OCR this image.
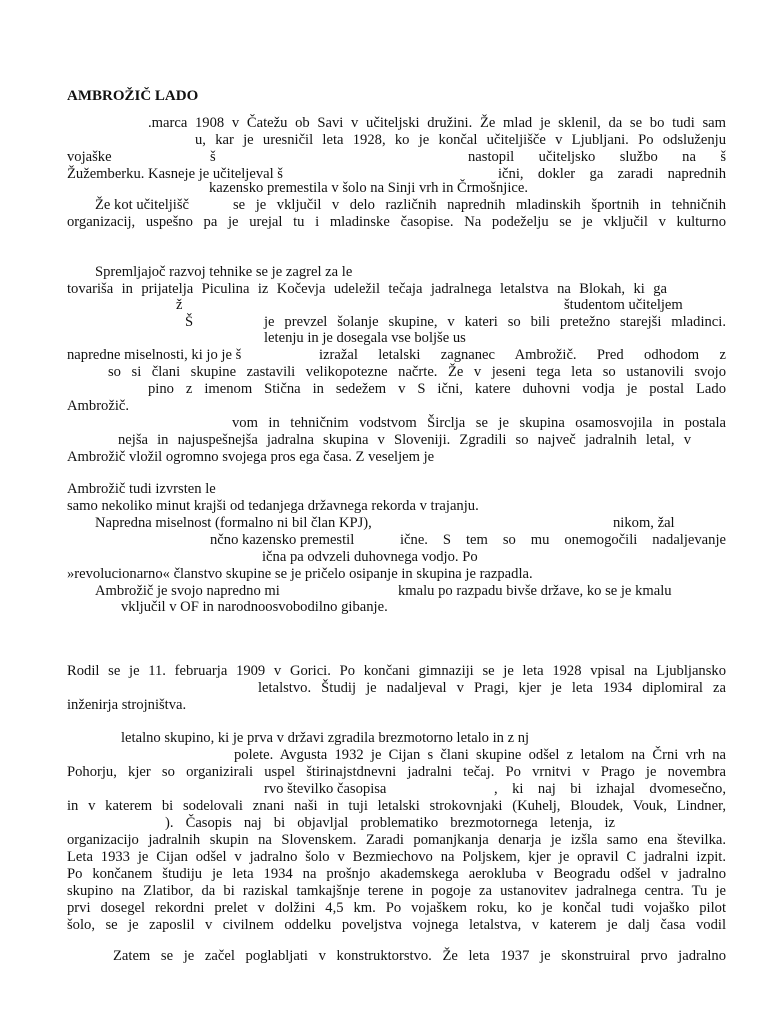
AMBROŽIČ LADO
.marca 1908 v Čatežu ob Savi v učiteljski družini. Že mlad je sklenil, da se bo tudi sam
u, kar je uresničil leta 1928, ko je končal učiteljišče v Ljubljani. Po odsluženju
vojaške	š	nastopil učiteljsko službo na š
Žužemberku. Kasneje je učiteljeval š	ični, dokler ga zaradi naprednih
kazensko premestila v šolo na Sinji vrh in Črmošnjice.
Že kot učiteljišč	se je vključil v delo različnih naprednih mladinskih športnih in tehničnih
organizacij, uspešno pa je urejal tu i mladinske časopise. Na podeželju se je vključil v kulturno
Spremljajoč razvoj tehnike se je zagrel za le
tovariša in prijatelja Piculina iz Kočevja udeležil tečaja jadralnega letalstva na Blokah, ki ga
ž	študentom učiteljem
Š	je prevzel šolanje skupine, v kateri so bili pretežno starejši mladinci.
letenju in je dosegala vse boljše us
napredne miselnosti, ki jo je š	izražal letalski zagnanec Ambrožič. Pred odhodom z
so si člani skupine zastavili velikopotezne načrte. Že v jeseni tega leta so ustanovili svojo
pino z imenom Stična in sedežem v S ični, katere duhovni vodja je postal Lado
Ambrožič.
vom in tehničnim vodstvom Širclja se je skupina osamosvojila in postala
nejša in najuspešnejša jadralna skupina v Sloveniji. Zgradili so največ jadralnih letal, v
Ambrožič vložil ogromno svojega pros ega časa. Z veseljem je
Ambrožič tudi izvrsten le
samo nekoliko minut krajši od tedanjega državnega rekorda v trajanju.
Napredna miselnost (formalno ni bil član KPJ),	nikom, žal
nčno kazensko premestil	ične. S tem so mu onemogočili nadaljevanje
ična pa odvzeli duhovnega vodjo. Po
»revolucionarno« članstvo skupine se je pričelo osipanje in skupina je razpadla.
Ambrožič je svojo napredno mi	kmalu po razpadu bivše države, ko se je kmalu
vključil v OF in narodnoosvobodilno gibanje.
Rodil se je 11. februarja 1909 v Gorici. Po končani gimnaziji se je leta 1928 vpisal na Ljubljansko
letalstvo. Študij je nadaljeval v Pragi, kjer je leta 1934 diplomiral za
inženirja strojništva.
letalno skupino, ki je prva v državi zgradila brezmotorno letalo in z nj
polete. Avgusta 1932 je Cijan s člani skupine odšel z letalom na Črni vrh na
Pohorju, kjer so organizirali uspel štirinajstdnevni jadralni tečaj. Po vrnitvi v Prago je novembra
rvo številko časopisa	, ki naj bi izhajal dvomesečno,
in v katerem bi sodelovali znani naši in tuji letalski strokovnjaki (Kuhelj, Bloudek, Vouk, Lindner,
). Časopis naj bi objavljal problematiko brezmotornega letenja, iz
organizacijo jadralnih skupin na Slovenskem. Zaradi pomanjkanja denarja je izšla samo ena številka.
Leta 1933 je Cijan odšel v jadralno šolo v Bezmiechovo na Poljskem, kjer je opravil C jadralni izpit.
Po končanem študiju je leta 1934 na prošnjo akademskega aerokluba v Beogradu odšel v jadralno
skupino na Zlatibor, da bi raziskal tamkajšnje terene in pogoje za ustanovitev jadralnega centra. Tu je
prvi dosegel rekordni prelet v dolžini 4,5 km. Po vojaškem roku, ko je končal tudi vojaško pilot
šolo, se je zaposlil v civilnem oddelku poveljstva vojnega letalstva, v katerem je dalj časa vodil
Zatem se je začel poglabljati v konstruktorstvo. Že leta 1937 je skonstruiral prvo jadralno
